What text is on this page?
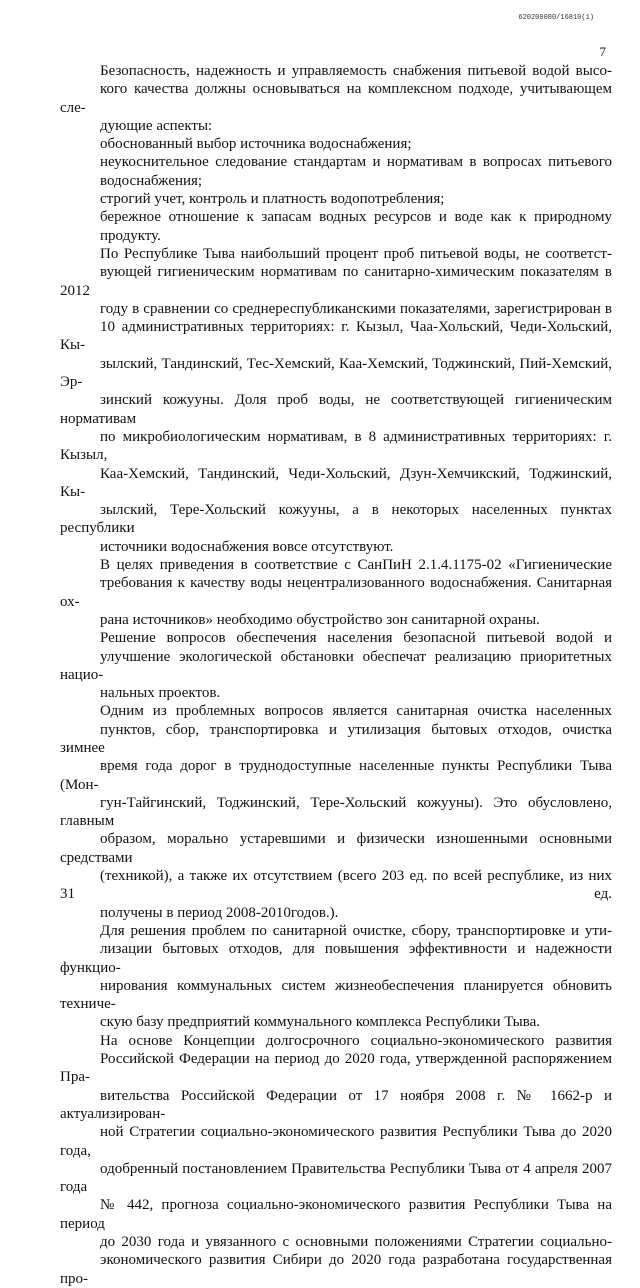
620200080/16810(1)
7

Безопасность, надежность и управляемость снабжения питьевой водой высо-
кого качества должны основываться на комплексном подходе, учитывающем сле-
дующие аспекты:

обоснованный выбор источника водоснабжения;

неукоснительное следование стандартам и нормативам в вопросах питьевого
водоснабжения;

строгий учет, контроль и платность водопотребления;

бережное отношение к запасам водных ресурсов и воде как к природному
продукту.

По Республике Тыва наибольший процент проб питьевой воды, не соответст-
вующей гигиеническим нормативам по санитарно-химическим показателям в 2012
году в сравнении со среднереспубликанскими показателями, зарегистрирован в
10 административных территориях: г. Кызыл, Чаа-Хольский, Чеди-Хольский, Кы-
зылский, Тандинский, Тес-Хемский, Каа-Хемский, Тоджинский, Пий-Хемский, Эр-
зинский кожууны. Доля проб воды, не соответствующей гигиеническим нормативам
по микробиологическим нормативам, в 8 административных территориях: г. Кызыл,
Каа-Хемский, Тандинский, Чеди-Хольский, Дзун-Хемчикский, Тоджинский, Кы-
зылский, Тере-Хольский кожууны, а в некоторых населенных пунктах республики
источники водоснабжения вовсе отсутствуют.

В целях приведения в соответствие с СанПиН 2.1.4.1175-02 «Гигиенические
требования к качеству воды нецентрализованного водоснабжения. Санитарная ох-
рана источников» необходимо обустройство зон санитарной охраны.

Решение вопросов обеспечения населения безопасной питьевой водой и
улучшение экологической обстановки обеспечат реализацию приоритетных нацио-
нальных проектов.

Одним из проблемных вопросов является санитарная очистка населенных
пунктов, сбор, транспортировка и утилизация бытовых отходов, очистка зимнее
время года дорог в труднодоступные населенные пункты Республики Тыва (Мон-
гун-Тайгинский, Тоджинский, Тере-Хольский кожууны). Это обусловлено, главным
образом, морально устаревшими и физически изношенными основными средствами
(техникой), а также их отсутствием (всего 203 ед. по всей республике, из них 31 ед.
получены в период 2008-2010годов.).

Для решения проблем по санитарной очистке, сбору, транспортировке и ути-
лизации бытовых отходов, для повышения эффективности и надежности функцио-
нирования коммунальных систем жизнеобеспечения планируется обновить техниче-
скую базу предприятий коммунального комплекса Республики Тыва.

На основе Концепции долгосрочного социально-экономического развития
Российской Федерации на период до 2020 года, утвержденной распоряжением Пра-
вительства Российской Федерации от 17 ноября 2008 г. № 1662-р и актуализирован-
ной Стратегии социально-экономического развития Республики Тыва до 2020 года,
одобренный постановлением Правительства Республики Тыва от 4 апреля 2007 года
№ 442, прогноза социально-экономического развития Республики Тыва на период
до 2030 года и увязанного с основными положениями Стратегии социально-
экономического развития Сибири до 2020 года разработана государственная про-
